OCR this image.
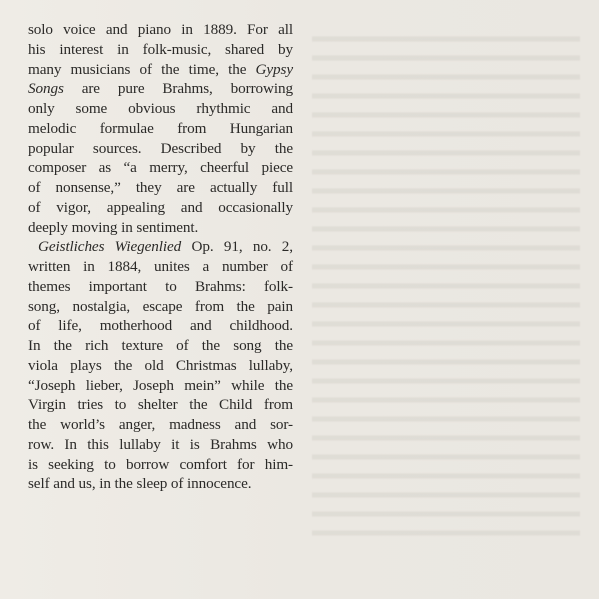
solo voice and piano in 1889. For all
his interest in folk-music, shared by
many musicians of the time, the Gypsy
Songs are pure Brahms, borrowing
only some obvious rhythmic and
melodic formulae from Hungarian
popular sources. Described by the
composer as “a merry, cheerful piece
of nonsense,” they are actually full
of vigor, appealing and occasionally
deeply moving in sentiment.
Geistliches Wiegenlied Op. 91, no. 2,
written in 1884, unites a number of
themes important to Brahms: folk-
song, nostalgia, escape from the pain
of life, motherhood and childhood.
In the rich texture of the song the
viola plays the old Christmas lullaby,
“Joseph lieber, Joseph mein” while the
Virgin tries to shelter the Child from
the world’s anger, madness and sor-
row. In this lullaby it is Brahms who
is seeking to borrow comfort for him-
self and us, in the sleep of innocence.
